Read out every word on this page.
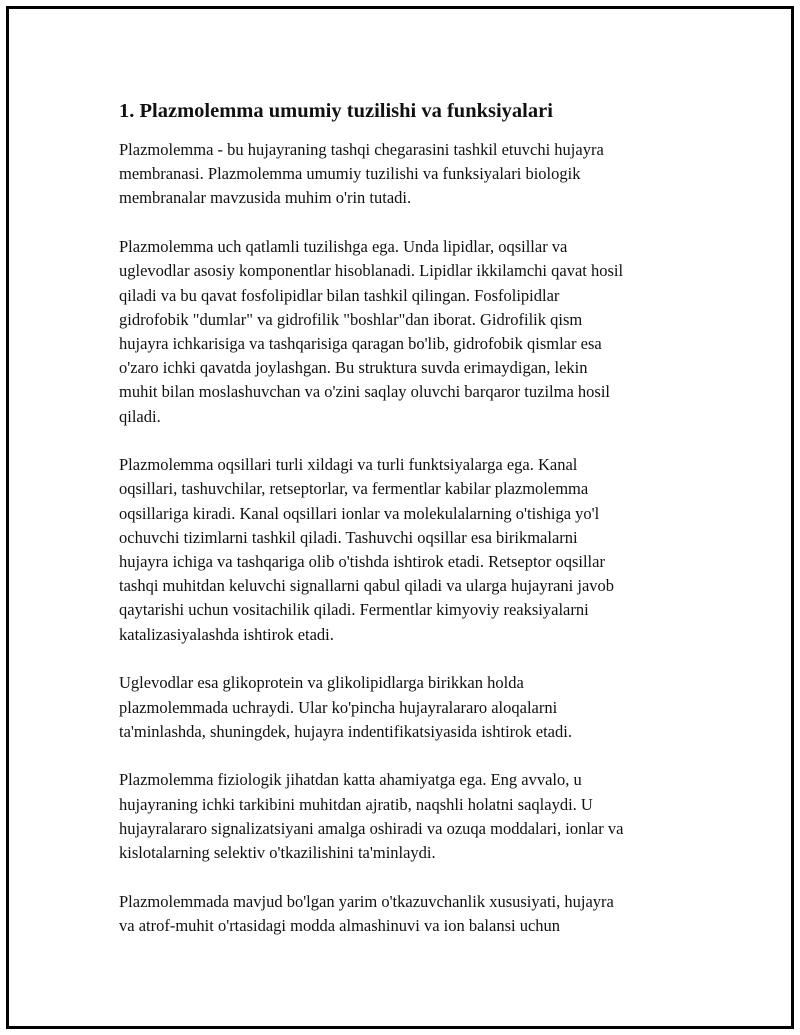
1. Plazmolemma umumiy tuzilishi va funksiyalari

Plazmolemma - bu hujayraning tashqi chegarasini tashkil etuvchi hujayra
membranasi. Plazmolemma umumiy tuzilishi va funksiyalari biologik
membranalar mavzusida muhim o'rin tutadi.

Plazmolemma uch qatlamli tuzilishga ega. Unda lipidlar, oqsillar va
uglevodlar asosiy komponentlar hisoblanadi. Lipidlar ikkilamchi qavat hosil
qiladi va bu qavat fosfolipidlar bilan tashkil qilingan. Fosfolipidlar
gidrofobik "dumlar" va gidrofilik "boshlar"dan iborat. Gidrofilik qism
hujayra ichkarisiga va tashqarisiga qaragan bo'lib, gidrofobik qismlar esa
o'zaro ichki qavatda joylashgan. Bu struktura suvda erimaydigan, lekin
muhit bilan moslashuvchan va o'zini saqlay oluvchi barqaror tuzilma hosil
qiladi.

Plazmolemma oqsillari turli xildagi va turli funktsiyalarga ega. Kanal
oqsillari, tashuvchilar, retseptorlar, va fermentlar kabilar plazmolemma
oqsillariga kiradi. Kanal oqsillari ionlar va molekulalarning o'tishiga yo'l
ochuvchi tizimlarni tashkil qiladi. Tashuvchi oqsillar esa birikmalarni
hujayra ichiga va tashqariga olib o'tishda ishtirok etadi. Retseptor oqsillar
tashqi muhitdan keluvchi signallarni qabul qiladi va ularga hujayrani javob
qaytarishi uchun vositachilik qiladi. Fermentlar kimyoviy reaksiyalarni
katalizasiyalashda ishtirok etadi.

Uglevodlar esa glikoprotein va glikolipidlarga birikkan holda
plazmolemmada uchraydi. Ular ko'pincha hujayralararo aloqalarni
ta'minlashda, shuningdek, hujayra indentifikatsiyasida ishtirok etadi.

Plazmolemma fiziologik jihatdan katta ahamiyatga ega. Eng avvalo, u
hujayraning ichki tarkibini muhitdan ajratib, naqshli holatni saqlaydi. U
hujayralararo signalizatsiyani amalga oshiradi va ozuqa moddalari, ionlar va
kislotalarning selektiv o'tkazilishini ta'minlaydi.

Plazmolemmada mavjud bo'lgan yarim o'tkazuvchanlik xususiyati, hujayra
va atrof-muhit o'rtasidagi modda almashinuvi va ion balansi uchun
